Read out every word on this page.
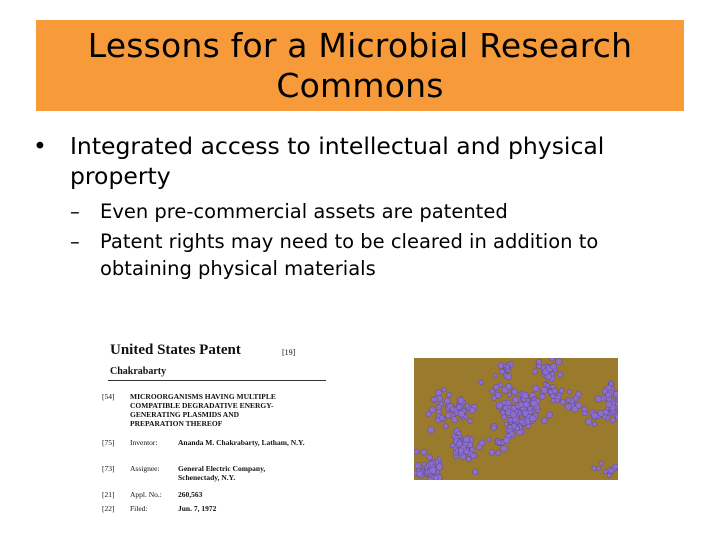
Lessons for a Microbial Research Commons
• Integrated access to intellectual and physical property
– Even pre-commercial assets are patented
– Patent rights may need to be cleared in addition to obtaining physical materials
United States Patent	[19]
Chakrabarty
[54]	MICROORGANISMS HAVING MULTIPLE COMPATIBLE DEGRADATIVE ENERGY-GENERATING PLASMIDS AND PREPARATION THEREOF
[75]	Inventor:	Ananda M. Chakrabarty, Latham, N.Y.
[73]	Assignee:	General Electric Company, Schenectady, N.Y.
[21]	Appl. No.:	260,563
[22]	Filed:	Jun. 7, 1972
